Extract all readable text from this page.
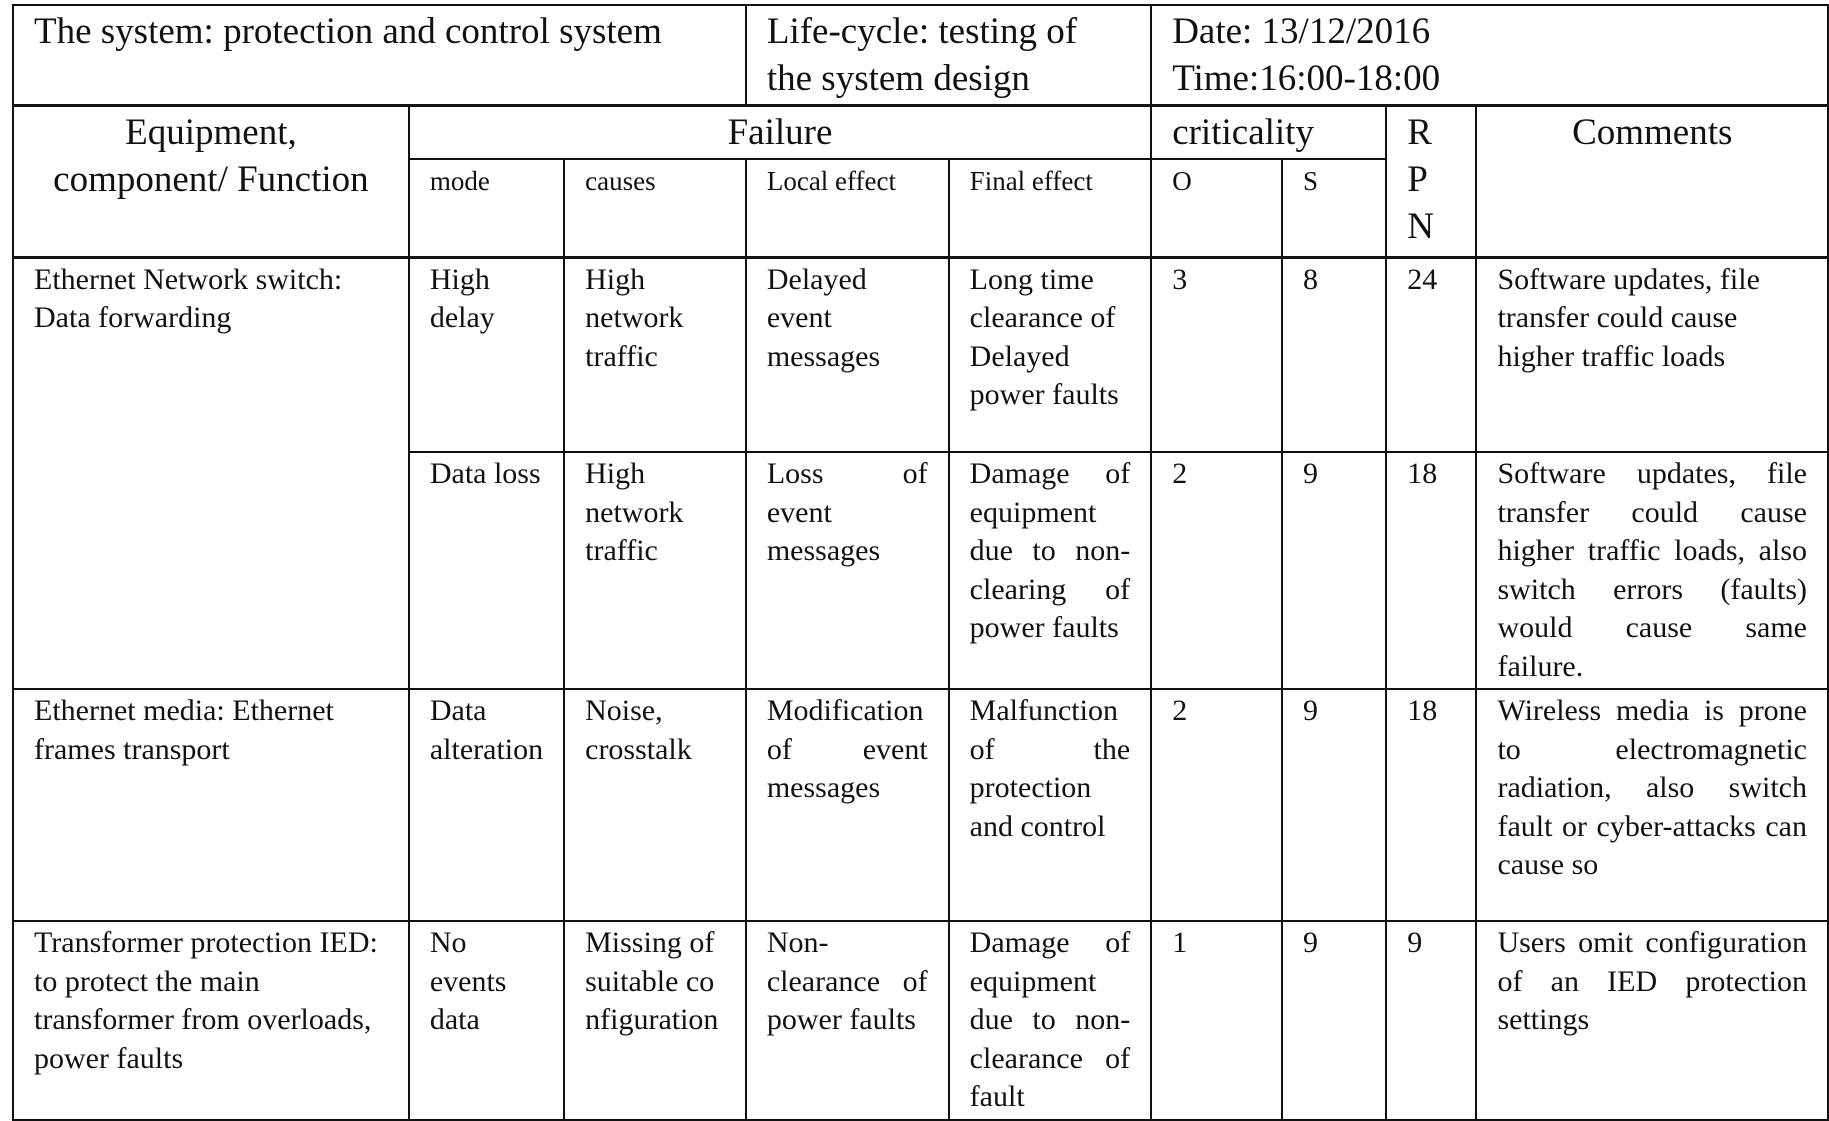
The system: protection and control system			Life-cycle: testing of the system design		Date: 13/12/2016
Time:16:00-18:00			

Equipment, component/ Function	Failure				criticality		R P N	Comments
	mode	causes	Local effect	Final effect	O	S		
Ethernet Network switch: Data forwarding	High delay	High network traffic	Delayed event messages	Long time clearance of Delayed power faults	3	8	24	Software updates, file transfer could cause higher traffic loads
	Data loss	High network traffic	Loss of event messages	Damage of equipment due to non-clearing of power faults	2	9	18	Software updates, file transfer could cause higher traffic loads, also switch errors (faults) would cause same failure.
Ethernet media: Ethernet frames transport	Data alteration	Noise, crosstalk	Modification of event messages	Malfunction of the protection and control	2	9	18	Wireless media is prone to electromagnetic radiation, also switch fault or cyber-attacks can cause so
Transformer protection IED: to protect the main transformer from overloads, power faults	No events data	Missing of suitable configuration	Non-clearance of power faults	Damage of equipment due to non-clearance of fault	1	9	9	Users omit configuration of an IED protection settings
